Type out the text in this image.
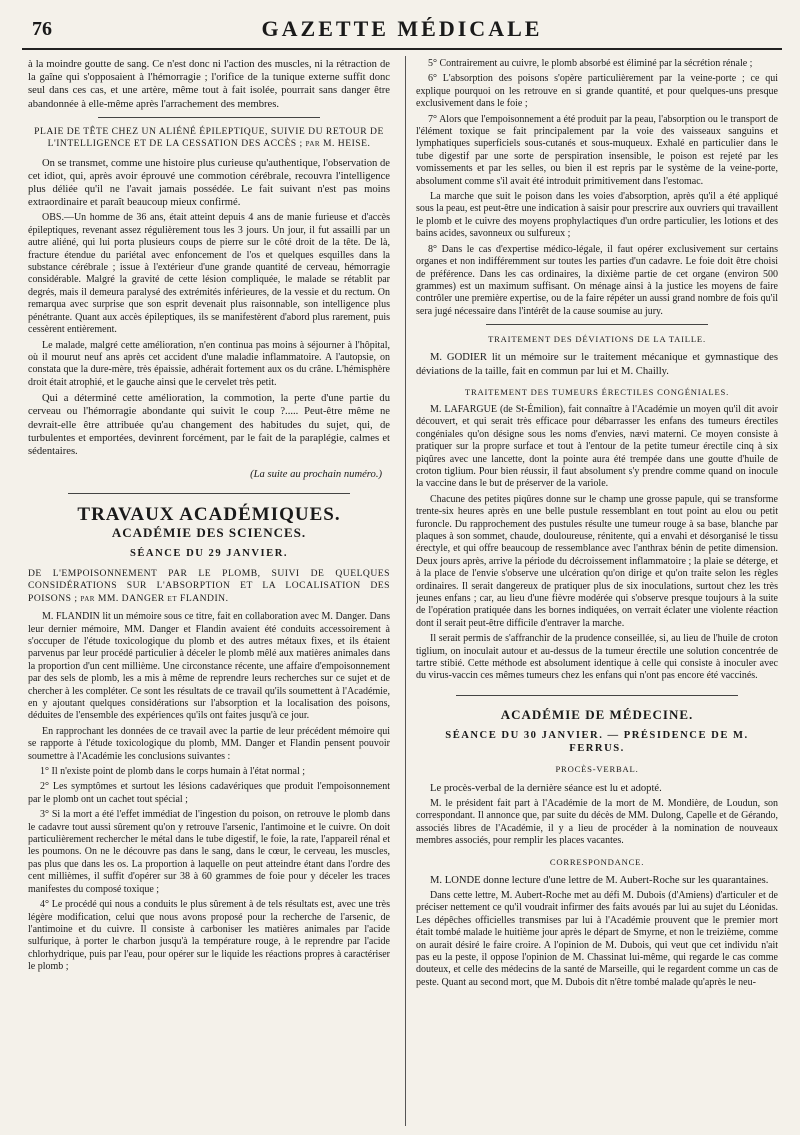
76	GAZETTE MÉDICALE

à la moindre goutte de sang. Ce n'est donc ni l'action des muscles, ni la rétraction de la gaîne qui s'opposaient à l'hémorragie ; l'orifice de la tunique externe suffit donc seul dans ces cas, et une artère, même tout à fait isolée, pourrait sans danger être abandonnée à elle-même après l'arrachement des membres.

PLAIE DE TÊTE CHEZ UN ALIÉNÉ ÉPILEPTIQUE, SUIVIE DU RETOUR DE L'INTELLIGENCE ET DE LA CESSATION DES ACCÈS ; par M. HEISE.

On se transmet, comme une histoire plus curieuse qu'authentique, l'observation de cet idiot, qui, après avoir éprouvé une commotion cérébrale, recouvra l'intelligence plus déliée qu'il ne l'avait jamais possédée. Le fait suivant n'est pas moins extraordinaire et paraît beaucoup mieux confirmé.

OBS.—Un homme de 36 ans, était atteint depuis 4 ans de manie furieuse et d'accès épileptiques, revenant assez régulièrement tous les 3 jours. Un jour, il fut assailli par un autre aliéné, qui lui porta plusieurs coups de pierre sur le côté droit de la tête. De là, fracture étendue du pariétal avec enfoncement de l'os et quelques esquilles dans la substance cérébrale ; issue à l'extérieur d'une grande quantité de cerveau, hémorragie considérable. Malgré la gravité de cette lésion compliquée, le malade se rétablit par degrés, mais il demeura paralysé des extrémités inférieures, de la vessie et du rectum. On remarqua avec surprise que son esprit devenait plus raisonnable, son intelligence plus pénétrante. Quant aux accès épileptiques, ils se manifestèrent d'abord plus rarement, puis cessèrent entièrement.

Le malade, malgré cette amélioration, n'en continua pas moins à séjourner à l'hôpital, où il mourut neuf ans après cet accident d'une maladie inflammatoire. A l'autopsie, on constata que la dure-mère, très épaissie, adhérait fortement aux os du crâne. L'hémisphère droit était atrophié, et le gauche ainsi que le cervelet très petit.

Qui a déterminé cette amélioration, la commotion, la perte d'une partie du cerveau ou l'hémorragie abondante qui suivit le coup ?..... Peut-être même ne devrait-elle être attribuée qu'au changement des habitudes du sujet, qui, de turbulentes et emportées, devinrent forcément, par le fait de la paraplégie, calmes et sédentaires.

(La suite au prochain numéro.)
TRAVAUX ACADÉMIQUES.
ACADÉMIE DES SCIENCES.
SÉANCE DU 29 JANVIER.
DE L'EMPOISONNEMENT PAR LE PLOMB, SUIVI DE QUELQUES CONSIDÉRATIONS SUR L'ABSORPTION ET LA LOCALISATION DES POISONS ; par MM. DANGER et FLANDIN.

M. FLANDIN lit un mémoire sous ce titre, fait en collaboration avec M. Danger. Dans leur dernier mémoire, MM. Danger et Flandin avaient été conduits accessoirement à s'occuper de l'étude toxicologique du plomb et des autres métaux fixes, et ils étaient parvenus par leur procédé particulier à déceler le plomb mêlé aux matières animales dans la proportion d'un cent millième. Une circonstance récente, une affaire d'empoisonnement par des sels de plomb, les a mis à même de reprendre leurs recherches sur ce sujet et de chercher à les compléter. Ce sont les résultats de ce travail qu'ils soumettent à l'Académie, en y ajoutant quelques considérations sur l'absorption et la localisation des poisons, déduites de l'ensemble des expériences qu'ils ont faites jusqu'à ce jour.

En rapprochant les données de ce travail avec la partie de leur précédent mémoire qui se rapporte à l'étude toxicologique du plomb, MM. Danger et Flandin pensent pouvoir soumettre à l'Académie les conclusions suivantes :

1° Il n'existe point de plomb dans le corps humain à l'état normal ;

2° Les symptômes et surtout les lésions cadavériques que produit l'empoisonnement par le plomb ont un cachet tout spécial ;

3° Si la mort a été l'effet immédiat de l'ingestion du poison, on retrouve le plomb dans le cadavre tout aussi sûrement qu'on y retrouve l'arsenic, l'antimoine et le cuivre. On doit particulièrement rechercher le métal dans le tube digestif, le foie, la rate, l'appareil rénal et les poumons. On ne le découvre pas dans le sang, dans le cœur, le cerveau, les muscles, pas plus que dans les os. La proportion à laquelle on peut atteindre étant dans l'ordre des cent millièmes, il suffit d'opérer sur 38 à 60 grammes de foie pour y déceler les traces manifestes du composé toxique ;

4° Le procédé qui nous a conduits le plus sûrement à de tels résultats est, avec une très légère modification, celui que nous avons proposé pour la recherche de l'arsenic, de l'antimoine et du cuivre. Il consiste à carboniser les matières animales par l'acide sulfurique, à porter le charbon jusqu'à la température rouge, à le reprendre par l'acide chlorhydrique, puis par l'eau, pour opérer sur le liquide les réactions propres à caractériser le plomb ;

5° Contrairement au cuivre, le plomb absorbé est éliminé par la sécrétion rénale ;

6° L'absorption des poisons s'opère particulièrement par la veine-porte ; ce qui explique pourquoi on les retrouve en si grande quantité, et pour quelques-uns presque exclusivement dans le foie ;

7° Alors que l'empoisonnement a été produit par la peau, l'absorption ou le transport de l'élément toxique se fait principalement par la voie des vaisseaux sanguins et lymphatiques superficiels sous-cutanés et sous-muqueux. Exhalé en particulier dans le tube digestif par une sorte de perspiration insensible, le poison est rejeté par les vomissements et par les selles, ou bien il est repris par le système de la veine-porte, absolument comme s'il avait été introduit primitivement dans l'estomac.

La marche que suit le poison dans les voies d'absorption, après qu'il a été appliqué sous la peau, est peut-être une indication à saisir pour prescrire aux ouvriers qui travaillent le plomb et le cuivre des moyens prophylactiques d'un ordre particulier, les lotions et des bains acides, savonneux ou sulfureux ;

8° Dans le cas d'expertise médico-légale, il faut opérer exclusivement sur certains organes et non indifféremment sur toutes les parties d'un cadavre. Le foie doit être choisi de préférence. Dans les cas ordinaires, la dixième partie de cet organe (environ 500 grammes) est un maximum suffisant. On ménage ainsi à la justice les moyens de faire contrôler une première expertise, ou de la faire répéter un aussi grand nombre de fois qu'il sera jugé nécessaire dans l'intérêt de la cause soumise au jury.

TRAITEMENT DES DÉVIATIONS DE LA TAILLE.

M. GODIER lit un mémoire sur le traitement mécanique et gymnastique des déviations de la taille, fait en commun par lui et M. Chailly.

TRAITEMENT DES TUMEURS ÉRECTILES CONGÉNIALES.

M. LAFARGUE (de St-Émilion), fait connaître à l'Académie un moyen qu'il dit avoir découvert, et qui serait très efficace pour débarrasser les enfans des tumeurs érectiles congéniales qu'on désigne sous les noms d'envies, nævi materni. Ce moyen consiste à pratiquer sur la propre surface et tout à l'entour de la petite tumeur érectile cinq à six piqûres avec une lancette, dont la pointe aura été trempée dans une goutte d'huile de croton tiglium. Pour bien réussir, il faut absolument s'y prendre comme quand on inocule la vaccine dans le but de préserver de la variole.

Chacune des petites piqûres donne sur le champ une grosse papule, qui se transforme trente-six heures après en une belle pustule ressemblant en tout point au elou ou petit furoncle. Du rapprochement des pustules résulte une tumeur rouge à sa base, blanche par plaques à son sommet, chaude, douloureuse, rénitente, qui a envahi et désorganisé le tissu érectyle, et qui offre beaucoup de ressemblance avec l'anthrax bénin de petite dimension. Deux jours après, arrive la période du décroissement inflammatoire ; la plaie se déterge, et à la place de l'envie s'observe une ulcération qu'on dirige et qu'on traite selon les règles ordinaires. Il serait dangereux de pratiquer plus de six inoculations, surtout chez les très jeunes enfans ; car, au lieu d'une fièvre modérée qui s'observe presque toujours à la suite de l'opération pratiquée dans les bornes indiquées, on verrait éclater une violente réaction dont il serait peut-être difficile d'entraver la marche.

Il serait permis de s'affranchir de la prudence conseillée, si, au lieu de l'huile de croton tiglium, on inoculait autour et au-dessus de la tumeur érectile une solution concentrée de tartre stibié. Cette méthode est absolument identique à celle qui consiste à inoculer avec du virus-vaccin ces mêmes tumeurs chez les enfans qui n'ont pas encore été vaccinés.

ACADÉMIE DE MÉDECINE.
SÉANCE DU 30 JANVIER. — PRÉSIDENCE DE M. FERRUS.
PROCÈS-VERBAL.

Le procès-verbal de la dernière séance est lu et adopté.

M. le président fait part à l'Académie de la mort de M. Mondière, de Loudun, son correspondant. Il annonce que, par suite du décès de MM. Dulong, Capelle et de Gérando, associés libres de l'Académie, il y a lieu de procéder à la nomination de nouveaux membres associés, pour remplir les places vacantes.

CORRESPONDANCE.

M. LONDE donne lecture d'une lettre de M. Aubert-Roche sur les quarantaines.

Dans cette lettre, M. Aubert-Roche met au défi M. Dubois (d'Amiens) d'articuler et de préciser nettement ce qu'il voudrait infirmer des faits avoués par lui au sujet du Léonidas. Les dépêches officielles transmises par lui à l'Académie prouvent que le premier mort était tombé malade le huitième jour après le départ de Smyrne, et non le treizième, comme on aurait désiré le faire croire. A l'opinion de M. Dubois, qui veut que cet individu n'ait pas eu la peste, il oppose l'opinion de M. Chassinat lui-même, qui regarde le cas comme douteux, et celle des médecins de la santé de Marseille, qui le regardent comme un cas de peste. Quant au second mort, que M. Dubois dit n'être tombé malade qu'après le neu-
